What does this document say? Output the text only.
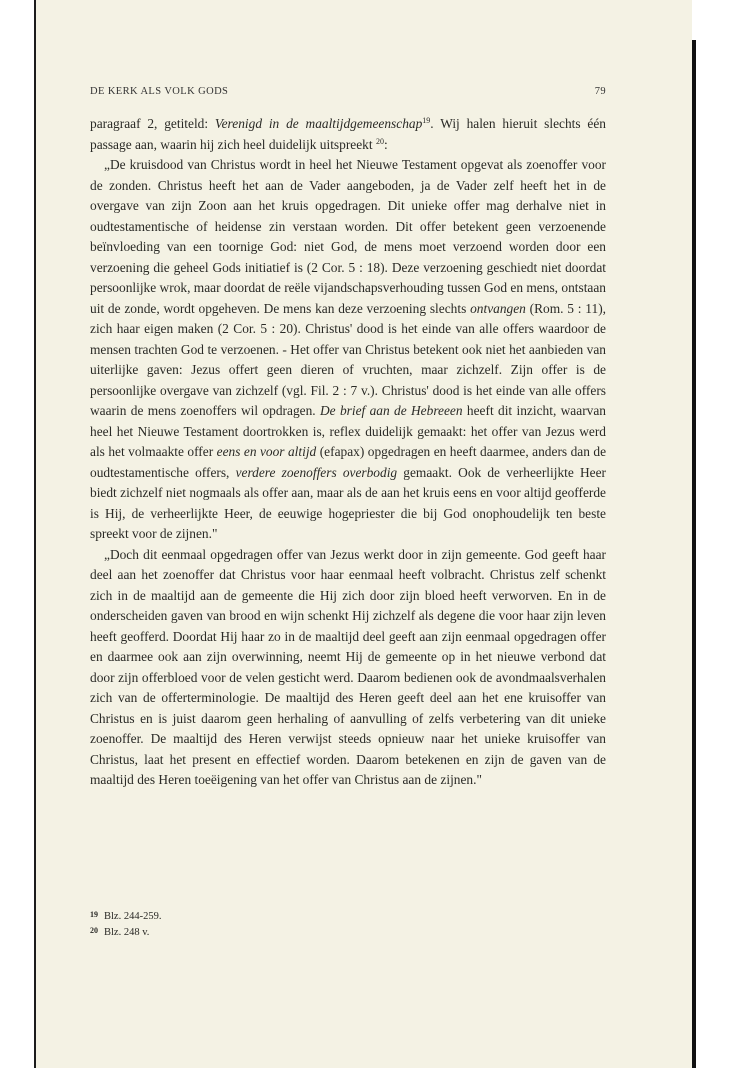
DE KERK ALS VOLK GODS	79

paragraaf 2, getiteld: Verenigd in de maaltijdgemeenschap$^{19}$. Wij halen hieruit slechts één passage aan, waarin hij zich heel duidelijk uitspreekt $^{20}$:

„De kruisdood van Christus wordt in heel het Nieuwe Testament opgevat als zoenoffer voor de zonden. Christus heeft het aan de Vader aangeboden, ja de Vader zelf heeft het in de overgave van zijn Zoon aan het kruis opgedragen. Dit unieke offer mag derhalve niet in oudtestamentische of heidense zin verstaan worden. Dit offer betekent geen verzoenende beïnvloeding van een toornige God: niet God, de mens moet verzoend worden door een verzoening die geheel Gods initiatief is (2 Cor. 5 : 18). Deze verzoening geschiedt niet doordat persoonlijke wrok, maar doordat de reële vijandschapsverhouding tussen God en mens, ontstaan uit de zonde, wordt opgeheven. De mens kan deze verzoening slechts ontvangen (Rom. 5 : 11), zich haar eigen maken (2 Cor. 5 : 20). Christus' dood is het einde van alle offers waardoor de mensen trachten God te verzoenen. - Het offer van Christus betekent ook niet het aanbieden van uiterlijke gaven: Jezus offert geen dieren of vruchten, maar zichzelf. Zijn offer is de persoonlijke overgave van zichzelf (vgl. Fil. 2 : 7 v.). Christus' dood is het einde van alle offers waarin de mens zoenoffers wil opdragen. De brief aan de Hebreeen heeft dit inzicht, waarvan heel het Nieuwe Testament doortrokken is, reflex duidelijk gemaakt: het offer van Jezus werd als het volmaakte offer eens en voor altijd (efapax) opgedragen en heeft daarmee, anders dan de oudtestamentische offers, verdere zoenoffers overbodig gemaakt. Ook de verheerlijkte Heer biedt zichzelf niet nogmaals als offer aan, maar als de aan het kruis eens en voor altijd geofferde is Hij, de verheerlijkte Heer, de eeuwige hogepriester die bij God onophoudelijk ten beste spreekt voor de zijnen."

„Doch dit eenmaal opgedragen offer van Jezus werkt door in zijn gemeente. God geeft haar deel aan het zoenoffer dat Christus voor haar eenmaal heeft volbracht. Christus zelf schenkt zich in de maaltijd aan de gemeente die Hij zich door zijn bloed heeft verworven. En in de onderscheiden gaven van brood en wijn schenkt Hij zichzelf als degene die voor haar zijn leven heeft geofferd. Doordat Hij haar zo in de maaltijd deel geeft aan zijn eenmaal opgedragen offer en daarmee ook aan zijn overwinning, neemt Hij de gemeente op in het nieuwe verbond dat door zijn offerbloed voor de velen gesticht werd. Daarom bedienen ook de avondmaalsverhalen zich van de offerterminologie. De maaltijd des Heren geeft deel aan het ene kruisoffer van Christus en is juist daarom geen herhaling of aanvulling of zelfs verbetering van dit unieke zoenoffer. De maaltijd des Heren verwijst steeds opnieuw naar het unieke kruisoffer van Christus, laat het present en effectief worden. Daarom betekenen en zijn de gaven van de maaltijd des Heren toeëigening van het offer van Christus aan de zijnen."

$^{19}$ Blz. 244-259.
$^{20}$ Blz. 248 v.
